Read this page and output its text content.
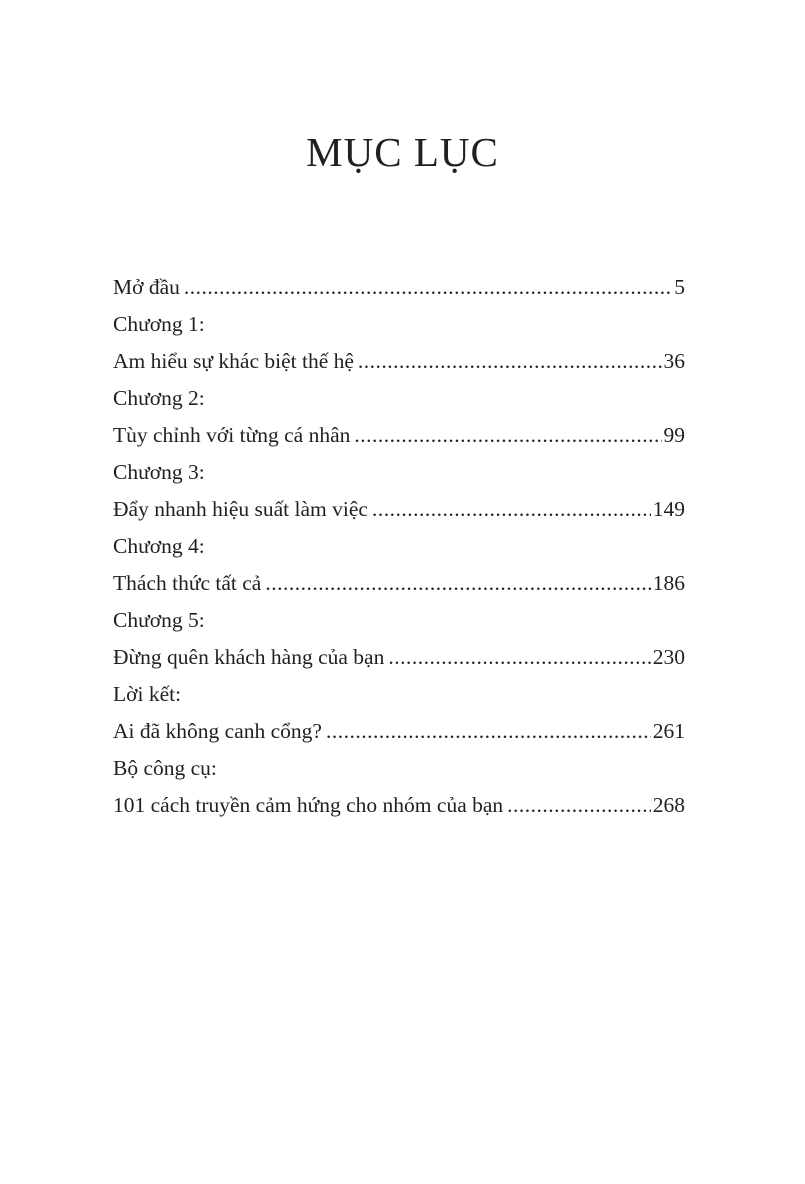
MỤC LỤC
Mở đầu .....	5
Chương 1:
Am hiểu sự khác biệt thế hệ .....	36
Chương 2:
Tùy chỉnh với từng cá nhân .....	99
Chương 3:
Đẩy nhanh hiệu suất làm việc .....	149
Chương 4:
Thách thức tất cả .....	186
Chương 5:
Đừng quên khách hàng của bạn .....	230
Lời kết:
Ai đã không canh cổng? .....	261
Bộ công cụ:
101 cách truyền cảm hứng cho nhóm của bạn .....	268
